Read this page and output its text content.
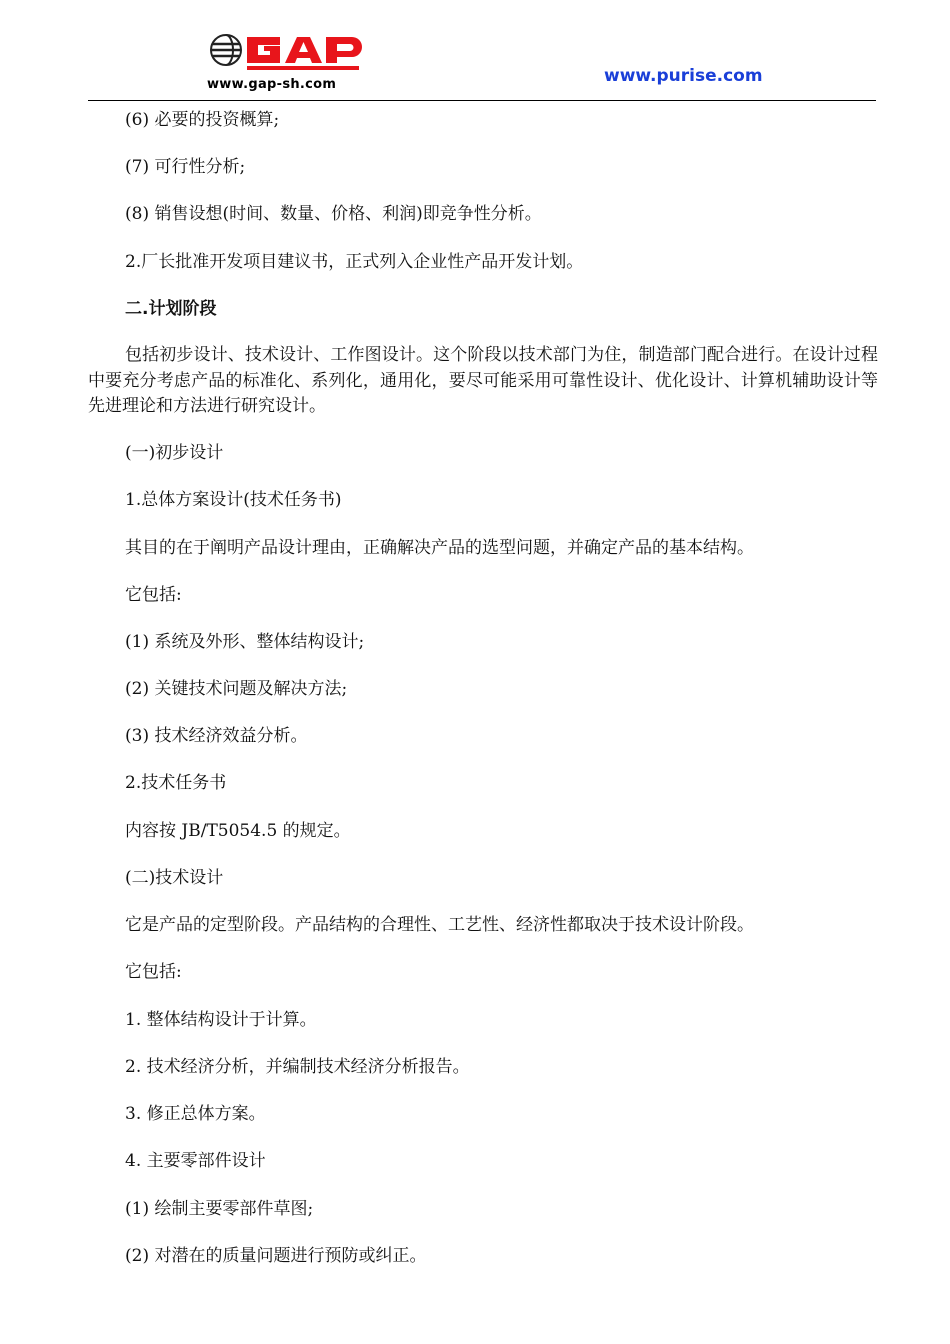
www.gap-sh.com	www.purise.com
(6) 必要的投资概算;
(7) 可行性分析;
(8) 销售设想(时间、数量、价格、利润)即竞争性分析。
2.厂长批准开发项目建议书，正式列入企业性产品开发计划。
二.计划阶段
包括初步设计、技术设计、工作图设计。这个阶段以技术部门为住，制造部门配合进行。在设计过程中要充分考虑产品的标准化、系列化，通用化，要尽可能采用可靠性设计、优化设计、计算机辅助设计等先进理论和方法进行研究设计。
(一)初步设计
1.总体方案设计(技术任务书)
其目的在于阐明产品设计理由，正确解决产品的选型问题，并确定产品的基本结构。
它包括:
(1) 系统及外形、整体结构设计;
(2) 关键技术问题及解决方法;
(3) 技术经济效益分析。
2.技术任务书
内容按 JB/T5054.5 的规定。
(二)技术设计
它是产品的定型阶段。产品结构的合理性、工艺性、经济性都取决于技术设计阶段。
它包括:
1. 整体结构设计于计算。
2. 技术经济分析，并编制技术经济分析报告。
3. 修正总体方案。
4. 主要零部件设计
(1) 绘制主要零部件草图;
(2) 对潜在的质量问题进行预防或纠正。
